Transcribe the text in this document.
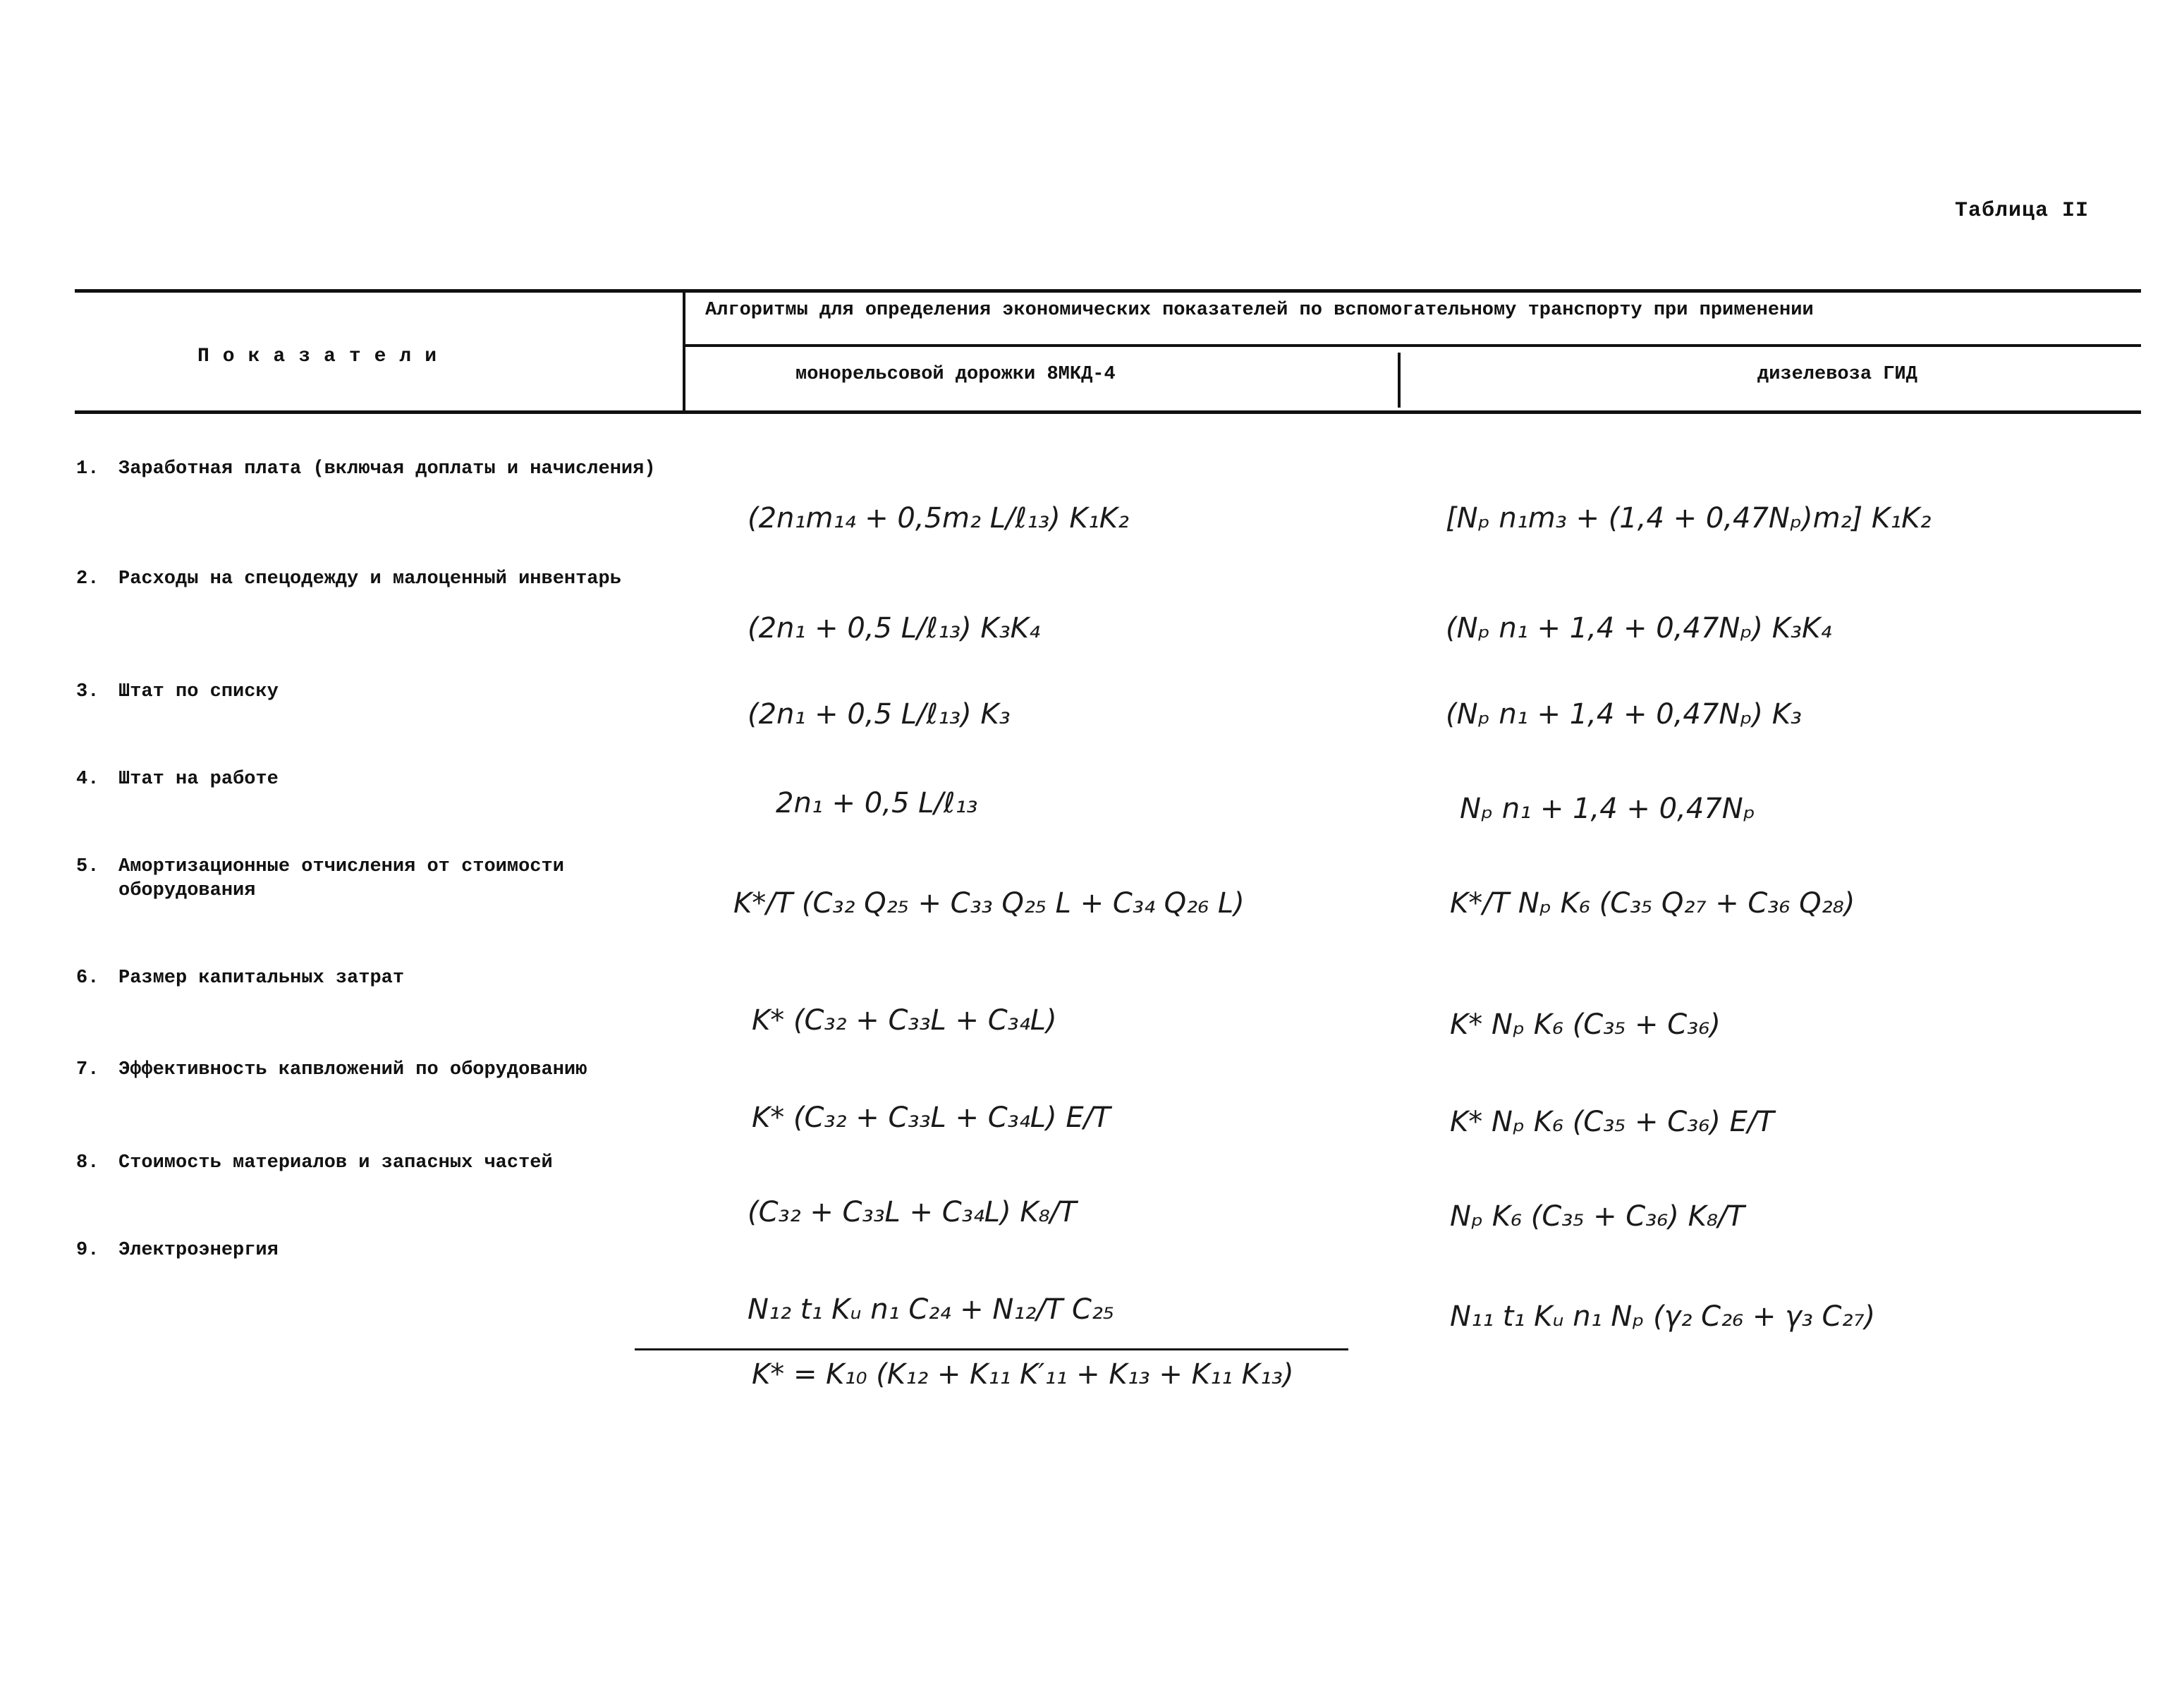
Таблица II
Показатели
Алгоритмы для определения экономических показателей по вспомогательному транспорту при применении
монорельсовой дорожки 8МКД-4	дизелевоза ГИД
1. Заработная плата (включая доплаты и начисления)
(2n₁m₁₄ + 0,5m₂ L/ℓ₁₃) K₁K₂	[Nₚ n₁m₃ + (1,4 + 0,47Nₚ)m₂] K₁K₂
2. Расходы на спецодежду и малоценный инвентарь
(2n₁ + 0,5 L/ℓ₁₃) K₃K₄	(Nₚ n₁ + 1,4 + 0,47Nₚ) K₃K₄
3. Штат по списку
(2n₁ + 0,5 L/ℓ₁₃) K₃	(Nₚ n₁ + 1,4 + 0,47Nₚ) K₃
4. Штат на работе
2n₁ + 0,5 L/ℓ₁₃	Nₚ n₁ + 1,4 + 0,47Nₚ
5. Амортизационные отчисления от стоимости оборудования	K*/T (C₃₂ Q₂₅ + C₃₃ Q₂₅ L + C₃₄ Q₂₆ L)	K*/T Nₚ K₆ (C₃₅ Q₂₇ + C₃₆ Q₂₈)
6. Размер капитальных затрат
K* (C₃₂ + C₃₃L + C₃₄L)	K* Nₚ K₆ (C₃₅ + C₃₆)
7. Эффективность капвложений по оборудованию
K* (C₃₂ + C₃₃L + C₃₄L) E/T	K* Nₚ K₆ (C₃₅ + C₃₆) E/T
8. Стоимость материалов и запасных частей
(C₃₂ + C₃₃L + C₃₄L) K₈/T	Nₚ K₆ (C₃₅ + C₃₆) K₈/T
9. Электроэнергия
N₁₂ t₁ Kᵤ n₁ C₂₄ + N₁₂/T C₂₅	N₁₁ t₁ Kᵤ n₁ Nₚ (γ₂ C₂₆ + γ₃ C₂₇)
K* = K₁₀ (K₁₂ + K₁₁ K′₁₁ + K₁₃ + K₁₁ K₁₃)
